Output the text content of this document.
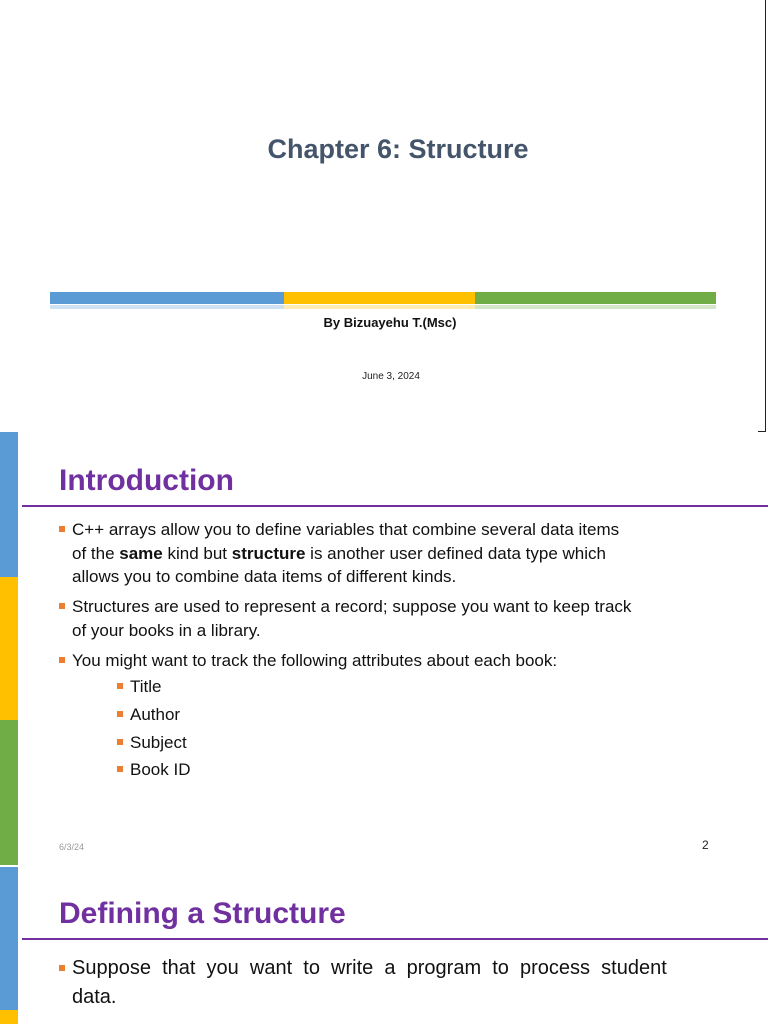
Chapter 6: Structure
By Bizuayehu T.(Msc)
June 3, 2024
Introduction
C++ arrays allow you to define variables that combine several data items
of the same kind but structure is another user defined data type which
allows you to combine data items of different kinds.
Structures are used to represent a record; suppose you want to keep track
of your books in a library.
You might want to track the following attributes about each book:
Title
Author
Subject
Book ID
6/3/24	2
Defining a Structure
Suppose  that  you  want  to  write  a  program  to  process  student
data.
